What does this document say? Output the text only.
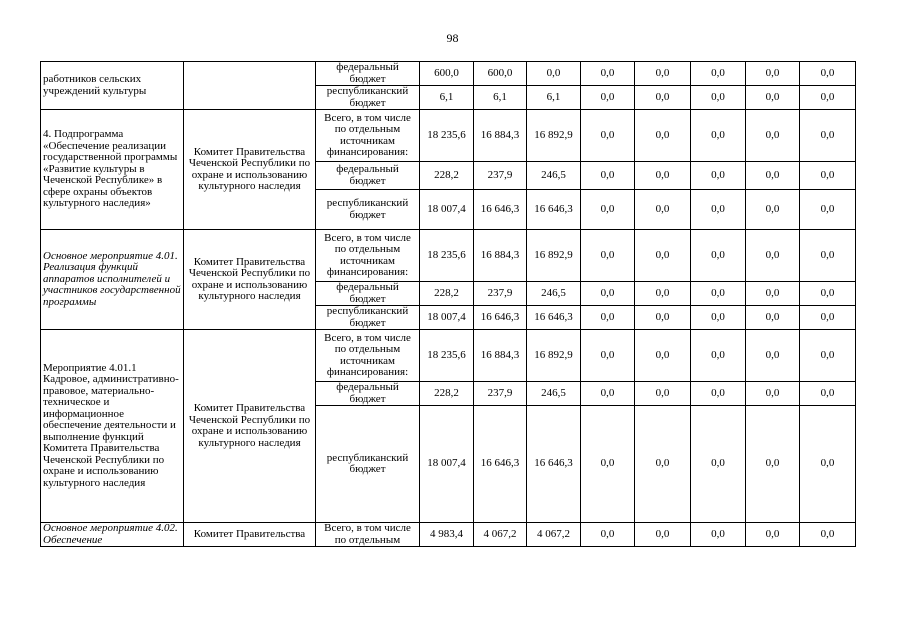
98
работников сельских учреждений культуры		федеральный бюджет	600,0	600,0	0,0	0,0	0,0	0,0	0,0	0,0
		республиканский бюджет	6,1	6,1	6,1	0,0	0,0	0,0	0,0	0,0
4. Подпрограмма «Обеспечение реализации государственной программы «Развитие культуры в Чеченской Республике» в сфере охраны объектов культурного наследия»	Комитет Правительства Чеченской Республики по охране и использованию культурного наследия	Всего, в том числе по отдельным источникам финансирования:	18 235,6	16 884,3	16 892,9	0,0	0,0	0,0	0,0	0,0
		федеральный бюджет	228,2	237,9	246,5	0,0	0,0	0,0	0,0	0,0
		республиканский бюджет	18 007,4	16 646,3	16 646,3	0,0	0,0	0,0	0,0	0,0
Основное мероприятие 4.01. Реализация функций аппаратов исполнителей и участников государственной программы	Комитет Правительства Чеченской Республики по охране и использованию культурного наследия	Всего, в том числе по отдельным источникам финансирования:	18 235,6	16 884,3	16 892,9	0,0	0,0	0,0	0,0	0,0
		федеральный бюджет	228,2	237,9	246,5	0,0	0,0	0,0	0,0	0,0
		республиканский бюджет	18 007,4	16 646,3	16 646,3	0,0	0,0	0,0	0,0	0,0
Мероприятие 4.01.1 Кадровое, административно-правовое, материально-техническое и информационное обеспечение деятельности и выполнение функций Комитета Правительства Чеченской Республики по охране и использованию культурного наследия	Комитет Правительства Чеченской Республики по охране и использованию культурного наследия	Всего, в том числе по отдельным источникам финансирования:	18 235,6	16 884,3	16 892,9	0,0	0,0	0,0	0,0	0,0
		федеральный бюджет	228,2	237,9	246,5	0,0	0,0	0,0	0,0	0,0
		республиканский бюджет	18 007,4	16 646,3	16 646,3	0,0	0,0	0,0	0,0	0,0
Основное мероприятие 4.02. Обеспечение	Комитет Правительства	Всего, в том числе по отдельным	4 983,4	4 067,2	4 067,2	0,0	0,0	0,0	0,0	0,0
